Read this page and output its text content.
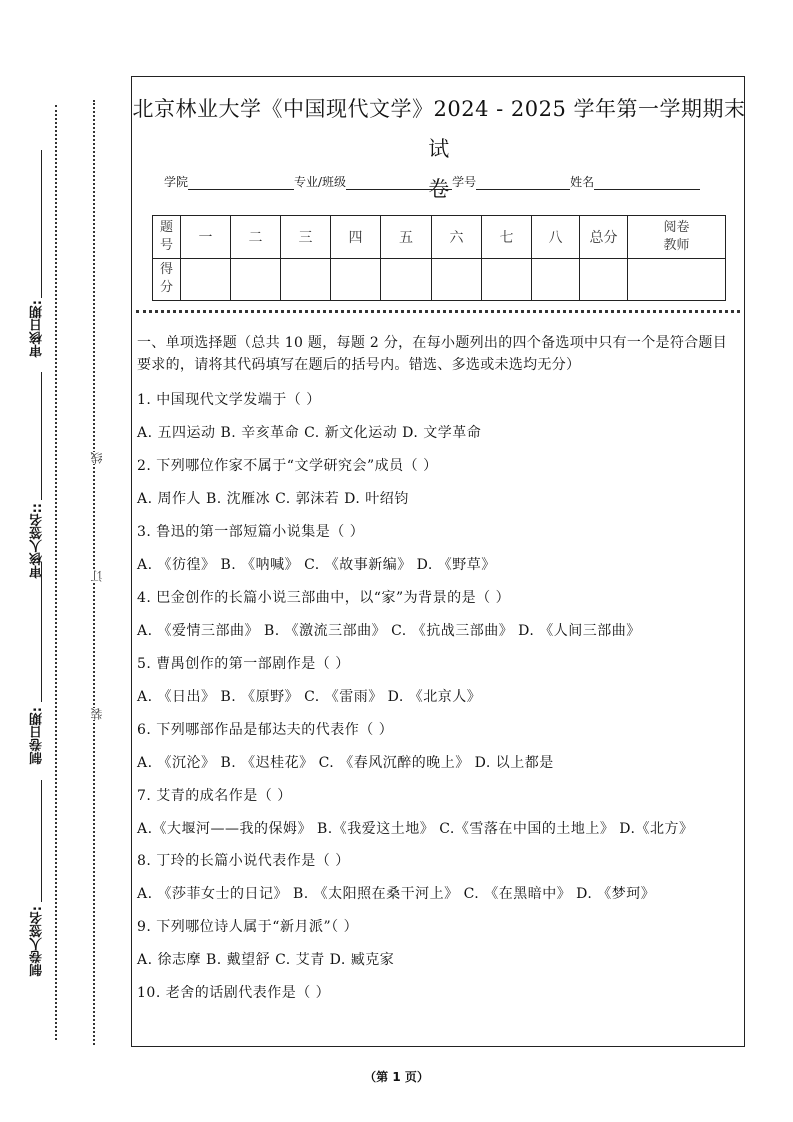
审核日期:
审核人签名::
制卷日期:
制卷人签名:
线
订
装
北京林业大学《中国现代文学》2024 - 2025 学年第一学期期末试
卷
学院	专业/班级	学号	姓名
题号	一	二	三	四	五	六	七	八	总分	阅卷教师
得分										

一、单项选择题（总共 10 题，每题 2 分，在每小题列出的四个备选项中只有一个是符合题目要求的，请将其代码填写在题后的括号内。错选、多选或未选均无分）

1. 中国现代文学发端于（ ）
A. 五四运动 B. 辛亥革命 C. 新文化运动 D. 文学革命
2. 下列哪位作家不属于“文学研究会”成员（ ）
A. 周作人 B. 沈雁冰 C. 郭沫若 D. 叶绍钧
3. 鲁迅的第一部短篇小说集是（ ）
A. 《彷徨》 B. 《呐喊》 C. 《故事新编》 D. 《野草》
4. 巴金创作的长篇小说三部曲中，以“家”为背景的是（ ）
A. 《爱情三部曲》 B. 《激流三部曲》 C. 《抗战三部曲》 D. 《人间三部曲》
5. 曹禺创作的第一部剧作是（ ）
A. 《日出》 B. 《原野》 C. 《雷雨》 D. 《北京人》
6. 下列哪部作品是郁达夫的代表作（ ）
A. 《沉沦》 B. 《迟桂花》 C. 《春风沉醉的晚上》 D. 以上都是
7. 艾青的成名作是（ ）
A.《大堰河——我的保姆》 B.《我爱这土地》 C.《雪落在中国的土地上》 D.《北方》
8. 丁玲的长篇小说代表作是（ ）
A. 《莎菲女士的日记》 B. 《太阳照在桑干河上》 C. 《在黑暗中》 D. 《梦珂》
9. 下列哪位诗人属于“新月派”（ ）
A. 徐志摩 B. 戴望舒 C. 艾青 D. 臧克家
10. 老舍的话剧代表作是（ ）
（第 1 页）
